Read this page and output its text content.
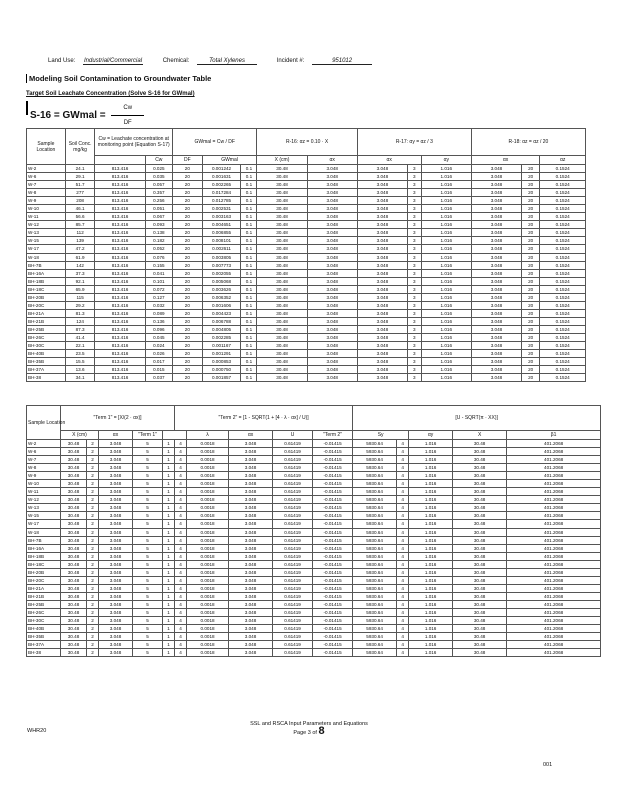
Land Use: Industrial/Commercial	Chemical:	Total Xylenes	Incident #:	951012
Modeling Soil Contamination to Groundwater Table
Target Soil Leachate Concentration (Solve S-16 for GWmal)
S-16 = GWmal = $\frac{Cw}{DF}$
Sample Location	Soil Conc. mg/kg	Cw = Leachate concentration at monitoring point (Equation S-17)		GWmal = Cw / DF			R-16: αz = 0.10 · X		R-17: αy = αz / 3			R-18: αz = αz / 20		
			Cw	DF	GWmal		X (cm)	αx	αx		αy	αx		αz
W-2	24.1	813.416	0.025	20	0.001242	0.1	30.48	3.048	3.048	3	1.016	3.048	20	0.1524
W-6	29.1	813.416	0.035	20	0.001631	0.1	30.48	3.048	3.048	3	1.016	3.048	20	0.1524
W-7	51.7	813.416	0.057	20	0.002265	0.1	30.48	3.048	3.048	3	1.016	3.048	20	0.1524
W-8	277	813.416	0.357	20	0.017284	0.1	30.48	3.048	3.048	3	1.016	3.048	20	0.1524
W-9	208	813.416	0.256	20	0.012785	0.1	30.48	3.048	3.048	3	1.016	3.048	20	0.1524
W-10	46.1	813.416	0.051	20	0.002531	0.1	30.48	3.048	3.048	3	1.016	3.048	20	0.1524
W-11	56.6	813.416	0.067	20	0.003163	0.1	30.48	3.048	3.048	3	1.016	3.048	20	0.1524
W-12	85.7	813.416	0.093	20	0.004651	0.1	30.48	3.048	3.048	3	1.016	3.048	20	0.1524
W-13	112	813.416	0.138	20	0.006855	0.1	30.48	3.048	3.048	3	1.016	3.048	20	0.1524
W-15	139	813.416	0.182	20	0.008101	0.1	30.48	3.048	3.048	3	1.016	3.048	20	0.1524
W-17	47.2	813.416	0.052	20	0.002611	0.1	30.48	3.048	3.048	3	1.016	3.048	20	0.1524
W-18	61.9	813.416	0.076	20	0.003805	0.1	30.48	3.048	3.048	3	1.016	3.048	20	0.1524
BH-7B	142	813.416	0.155	20	0.007773	0.1	30.48	3.048	3.048	3	1.016	3.048	20	0.1524
BH-16A	37.3	813.416	0.041	20	0.002055	0.1	30.48	3.048	3.048	3	1.016	3.048	20	0.1524
BH-18B	92.1	813.416	0.101	20	0.005068	0.1	30.48	3.048	3.048	3	1.016	3.048	20	0.1524
BH-18C	65.9	813.416	0.072	20	0.003626	0.1	30.48	3.048	3.048	3	1.016	3.048	20	0.1524
BH-20B	115	813.416	0.127	20	0.006352	0.1	30.48	3.048	3.048	3	1.016	3.048	20	0.1524
BH-20C	29.2	813.416	0.032	20	0.001606	0.1	30.48	3.048	3.048	3	1.016	3.048	20	0.1524
BH-21A	81.3	813.416	0.089	20	0.004423	0.1	30.48	3.048	3.048	3	1.016	3.048	20	0.1524
BH-21B	124	813.416	0.136	20	0.006788	0.1	30.48	3.048	3.048	3	1.016	3.048	20	0.1524
BH-25B	87.3	813.416	0.096	20	0.004805	0.1	30.48	3.048	3.048	3	1.016	3.048	20	0.1524
BH-26C	41.4	813.416	0.045	20	0.002285	0.1	30.48	3.048	3.048	3	1.016	3.048	20	0.1524
BH-30C	22.1	813.416	0.024	20	0.001167	0.1	30.48	3.048	3.048	3	1.016	3.048	20	0.1524
BH-40B	23.5	813.416	0.026	20	0.001291	0.1	30.48	3.048	3.048	3	1.016	3.048	20	0.1524
BH-35B	15.5	813.416	0.017	20	0.000853	0.1	30.48	3.048	3.048	3	1.016	3.048	20	0.1524
BH-37A	13.6	813.416	0.015	20	0.000750	0.1	30.48	3.048	3.048	3	1.016	3.048	20	0.1524
BH-38	34.1	813.416	0.037	20	0.001857	0.1	30.48	3.048	3.048	3	1.016	3.048	20	0.1524
Sample Location	"Term 1" = [X/(2 · αx)]					"Term 2" = [1 - SQRT(1 + [4 · λ · αx] / U)]					[U - SQRT(π · XX)]				
	X (cm)		αx	"Term 1"			λ	αx	U	"Term 2"	Sy		αy	X	β1
W-2	30.48	2	3.048	5	1	4	0.0018	3.048	0.61419	-0.01415	5930.64	4	1.016	30.48	401.2068
W-6	30.48	2	3.048	5	1	4	0.0018	3.048	0.61419	-0.01415	5930.64	4	1.016	30.48	401.2068
W-7	30.48	2	3.048	5	1	4	0.0018	3.048	0.61419	-0.01415	5930.64	4	1.016	30.48	401.2068
W-8	30.48	2	3.048	5	1	4	0.0018	3.048	0.61419	-0.01415	5930.64	4	1.016	30.48	401.2068
W-9	30.48	2	3.048	5	1	4	0.0018	3.048	0.61419	-0.01415	5930.64	4	1.016	30.48	401.2068
W-10	30.48	2	3.048	5	1	4	0.0018	3.048	0.61419	-0.01415	5930.64	4	1.016	30.48	401.2068
W-11	30.48	2	3.048	5	1	4	0.0018	3.048	0.61419	-0.01415	5930.64	4	1.016	30.48	401.2068
W-12	30.48	2	3.048	5	1	4	0.0018	3.048	0.61419	-0.01415	5930.64	4	1.016	30.48	401.2068
W-13	30.48	2	3.048	5	1	4	0.0018	3.048	0.61419	-0.01415	5930.64	4	1.016	30.48	401.2068
W-15	30.48	2	3.048	5	1	4	0.0018	3.048	0.61419	-0.01415	5930.64	4	1.016	30.48	401.2068
W-17	30.48	2	3.048	5	1	4	0.0018	3.048	0.61419	-0.01415	5930.64	4	1.016	30.48	401.2068
W-18	30.48	2	3.048	5	1	4	0.0018	3.048	0.61419	-0.01415	5930.64	4	1.016	30.48	401.2068
BH-7B	30.48	2	3.048	5	1	4	0.0018	3.048	0.61419	-0.01415	5930.64	4	1.016	30.48	401.2068
BH-16A	30.48	2	3.048	5	1	4	0.0018	3.048	0.61419	-0.01415	5930.64	4	1.016	30.48	401.2068
BH-18B	30.48	2	3.048	5	1	4	0.0018	3.048	0.61419	-0.01415	5930.64	4	1.016	30.48	401.2068
BH-18C	30.48	2	3.048	5	1	4	0.0018	3.048	0.61419	-0.01415	5930.64	4	1.016	30.48	401.2068
BH-20B	30.48	2	3.048	5	1	4	0.0018	3.048	0.61419	-0.01415	5930.64	4	1.016	30.48	401.2068
BH-20C	30.48	2	3.048	5	1	4	0.0018	3.048	0.61419	-0.01415	5930.64	4	1.016	30.48	401.2068
BH-21A	30.48	2	3.048	5	1	4	0.0018	3.048	0.61419	-0.01415	5930.64	4	1.016	30.48	401.2068
BH-21B	30.48	2	3.048	5	1	4	0.0018	3.048	0.61419	-0.01415	5930.64	4	1.016	30.48	401.2068
BH-25B	30.48	2	3.048	5	1	4	0.0018	3.048	0.61419	-0.01415	5930.64	4	1.016	30.48	401.2068
BH-26C	30.48	2	3.048	5	1	4	0.0018	3.048	0.61419	-0.01415	5930.64	4	1.016	30.48	401.2068
BH-30C	30.48	2	3.048	5	1	4	0.0018	3.048	0.61419	-0.01415	5930.64	4	1.016	30.48	401.2068
BH-40B	30.48	2	3.048	5	1	4	0.0018	3.048	0.61419	-0.01415	5930.64	4	1.016	30.48	401.2068
BH-35B	30.48	2	3.048	5	1	4	0.0018	3.048	0.61419	-0.01415	5930.64	4	1.016	30.48	401.2068
BH-37A	30.48	2	3.048	5	1	4	0.0018	3.048	0.61419	-0.01415	5930.64	4	1.016	30.48	401.2068
BH-38	30.48	2	3.048	5	1	4	0.0018	3.048	0.61419	-0.01415	5930.64	4	1.016	30.48	401.2068
WHR20
SSL and RSCA Input Parameters and Equations
Page 3 of 8
001
